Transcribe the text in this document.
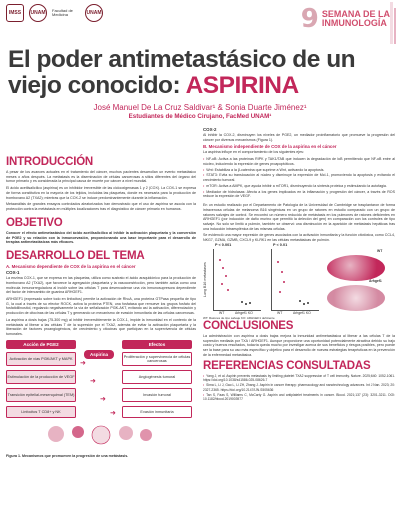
IMSS	UNAM	Facultad de Medicina	UNAM	9 SEMANA DE LA
INMUNOLOGÍA
El poder antimetastásico de un
viejo conocido: ASPIRINA
José Manuel De La Cruz Saldivar¹ & Sonia Duarte Jiménez¹
Estudiantes de Médico Cirujano, FacMed UNAM¹
INTRODUCCIÓN

A pesar de los avances actuales en el tratamiento del cáncer, muchos pacientes desarrollan un evento metastásico meses o años después. La metástasis es la diseminación de células cancerosas a sitios diferentes del órgano del tumor primario y es considerada la principal causa de muerte por cáncer a nivel mundial.

El ácido acetilsalicílico (aspirina) es un inhibidor irreversible de las ciclooxigenasas 1 y 2 (COX). La COX-1 se expresa de forma constitutiva en la mayoría de los tejidos, incluidas las plaquetas, donde es necesaria para la producción de tromboxano A2 (TXA2); mientras que la COX-2 se induce predominantemente durante la inflamación.

Metaanálisis de grandes ensayos controlados aleatorizados han demostrado que el uso de aspirina se asocia con la protección contra la metástasis en múltiples localizaciones tras el diagnóstico de cáncer primario en humanos.

OBJETIVO

Conocer el efecto antimetastásico del ácido acetilsalicílico al inhibir la activación plaquetaria y la conversión de PGE2 y su relación con la inmunoevasión, proporcionando una base importante para el desarrollo de terapias antimetastásicas más eficaces.

DESARROLLO DEL TEMA
A. Mecanismo dependiente de COX de la aspirina en el cáncer
COX-1

La enzima COX-1, que se expresa en las plaquetas, utiliza como sustrato el ácido araquidónico para la producción de tromboxano A2 (TXA2), que favorece la agregación plaquetaria y la vasoconstricción, pero también actúa como una molécula inmunorreguladora al incidir sobre las células T para desencadenar una vía inmunosupresora dependiente del factor de intercambio de guanina ARHGEF1.

ARHGEF1 (expresado sobre todo en linfocitos) permite la activación de RhoA, una proteína GTPasa pequeña de tipo G, la cual a través de su efector ROCK, activa la proteína PTEN, una fosfatasa que remueve los grupos fosfato del fosfatidilinositol, regulando negativamente la vía de señalización PI3K-AKT, evitando así la activación, diferenciación y producción de citocinas de las células T y generando un mecanismo de evasión inmunitaria de las células cancerosas.

La aspirina a dosis bajas (75-300 mg) al inhibir irreversiblemente la COX-1, impide la inmunidad en el contexto de la metástasis al liberar a las células T de la supresión por el TXA2, además de evitar la activación plaquetaria y la liberación de factores proangiogénicos, de crecimiento y citocinas que participan en la supervivencia de células tumorales.

Acción de PGE2
Aspirina
Efectos
Activación de vías PI3K/AKT y MAPK
Estimulación de la producción de VEGF
Transición epitelial-mesenquimal (TEM)
Linfocitos T CD8+ y NK
➜
➜
➜
➜
Proliferación y supervivencia de células cancerosas
Angiogénesis tumoral
Invasión tumoral
Evasión inmunitaria
Figura 1. Mecanismos que promueven la progresión de una metástasis.
COX-2

Al inhibir la COX-2, disminuyen los niveles de PGE2, un mediador proinflamatorio que promueve la progresión del cáncer por diversos mecanismos (Figura 1).

B. Mecanismo independiente de COX de la aspirina en el cáncer

La aspirina influye en el comportamiento de los siguientes ejes:

• NF-κB: Activa a las proteínas RIPK y TAK1/TAB que inducen la degradación de IκB permitiendo que NF-κB entre al núcleo, induciendo la expresión de genes proapoptóticos.
• Wnt: Estabiliza a la β-catenina que suprime a Wnt, activando la apoptosis.
• STAT3: Evita su translocación al núcleo y disminuye la expresión de Mcl-1, promoviendo la apoptosis y evitando el crecimiento tumoral.
• mTOR: Activa a AMPK, que ayuda inhibir a mTOR1, disminuyendo la síntesis proteica y estimulando la autofagia.
• Mediador de hidrolasas: Afecta a los genes implicados en la inflamación y progresión del cáncer, a través de ROS reduce la expresión de VEGF.

En un estudio realizado por el Departamento de Patología de la Universidad de Cambridge se trasplantaron de forma intravenosa células de melanoma B16 singénicas en un grupo de ratones en estudio comparado con un grupo de ratones salvajes de control. Se encontró un número reducido de metástasis en los pulmones de ratones deficientes en ARHGEF1 (por inducción de daño murino que permitió la deleción del gen) en comparación con los controles de tipo salvaje. No solo se limitó a pulmón, también se observó una disminución en la aparición de metástasis hepáticas tras una inducción intraesplénica de las mismas células.

Se evidenció una mayor expresión de genes asociados con la activación inmunitaria y la función citotóxica, como CCL4, NKG7, GZMA, GZMB, CXCL9 y KLRK1 en las células metastásicas de pulmón.

Lung B16 metastases
P < 0.001	P < 0.01
WT	Arhgef1 KO	WT	Arhgef1 KO
WT
Arhgef1
WT: Ratones de tipo salvaje KO: ARHGEF1 deficiente
CONCLUSIONES

La administración con aspirina a dosis bajas mejora la inmunidad antimetastásica al liberar a las células T de la supresión mediada por TXA / ARHGEF1. Aunque proporcione una oportunidad potencialmente atractiva debido su bajo costo y buenos resultados, todavía queda mucho por investigar acerca de sus beneficios y riesgos posibles, pero puede ser la base para su uso más específico y objetivo para el desarrollo de nuevas estrategias terapéuticas en la prevención de la enfermedad metastásica.

REFERENCIAS CONSULTADAS
• Yang J, et al. Aspirin prevents metastasis by limiting platelet TXA2 suppression of T cell immunity. Nature. 2025;640: 1052-1061. https://doi.org/10.1038/s41586-025-08626-7
• Sima L, Li J, Gao L, Li ZH, Zhang J. Aspirin in cancer therapy: pharmacology and nanotechnology advances. Int J Nan. 2023; 20: 2327-2365. https://doi.org/10.2147/IJN.S505636
• Tan S, Faas S, Williams C, McCarty G. Aspirin and antiplatelet treatments in cancer. Blood. 2021;137 (23): 3201-3211. DOI: 10.1182/blood.2019003977
